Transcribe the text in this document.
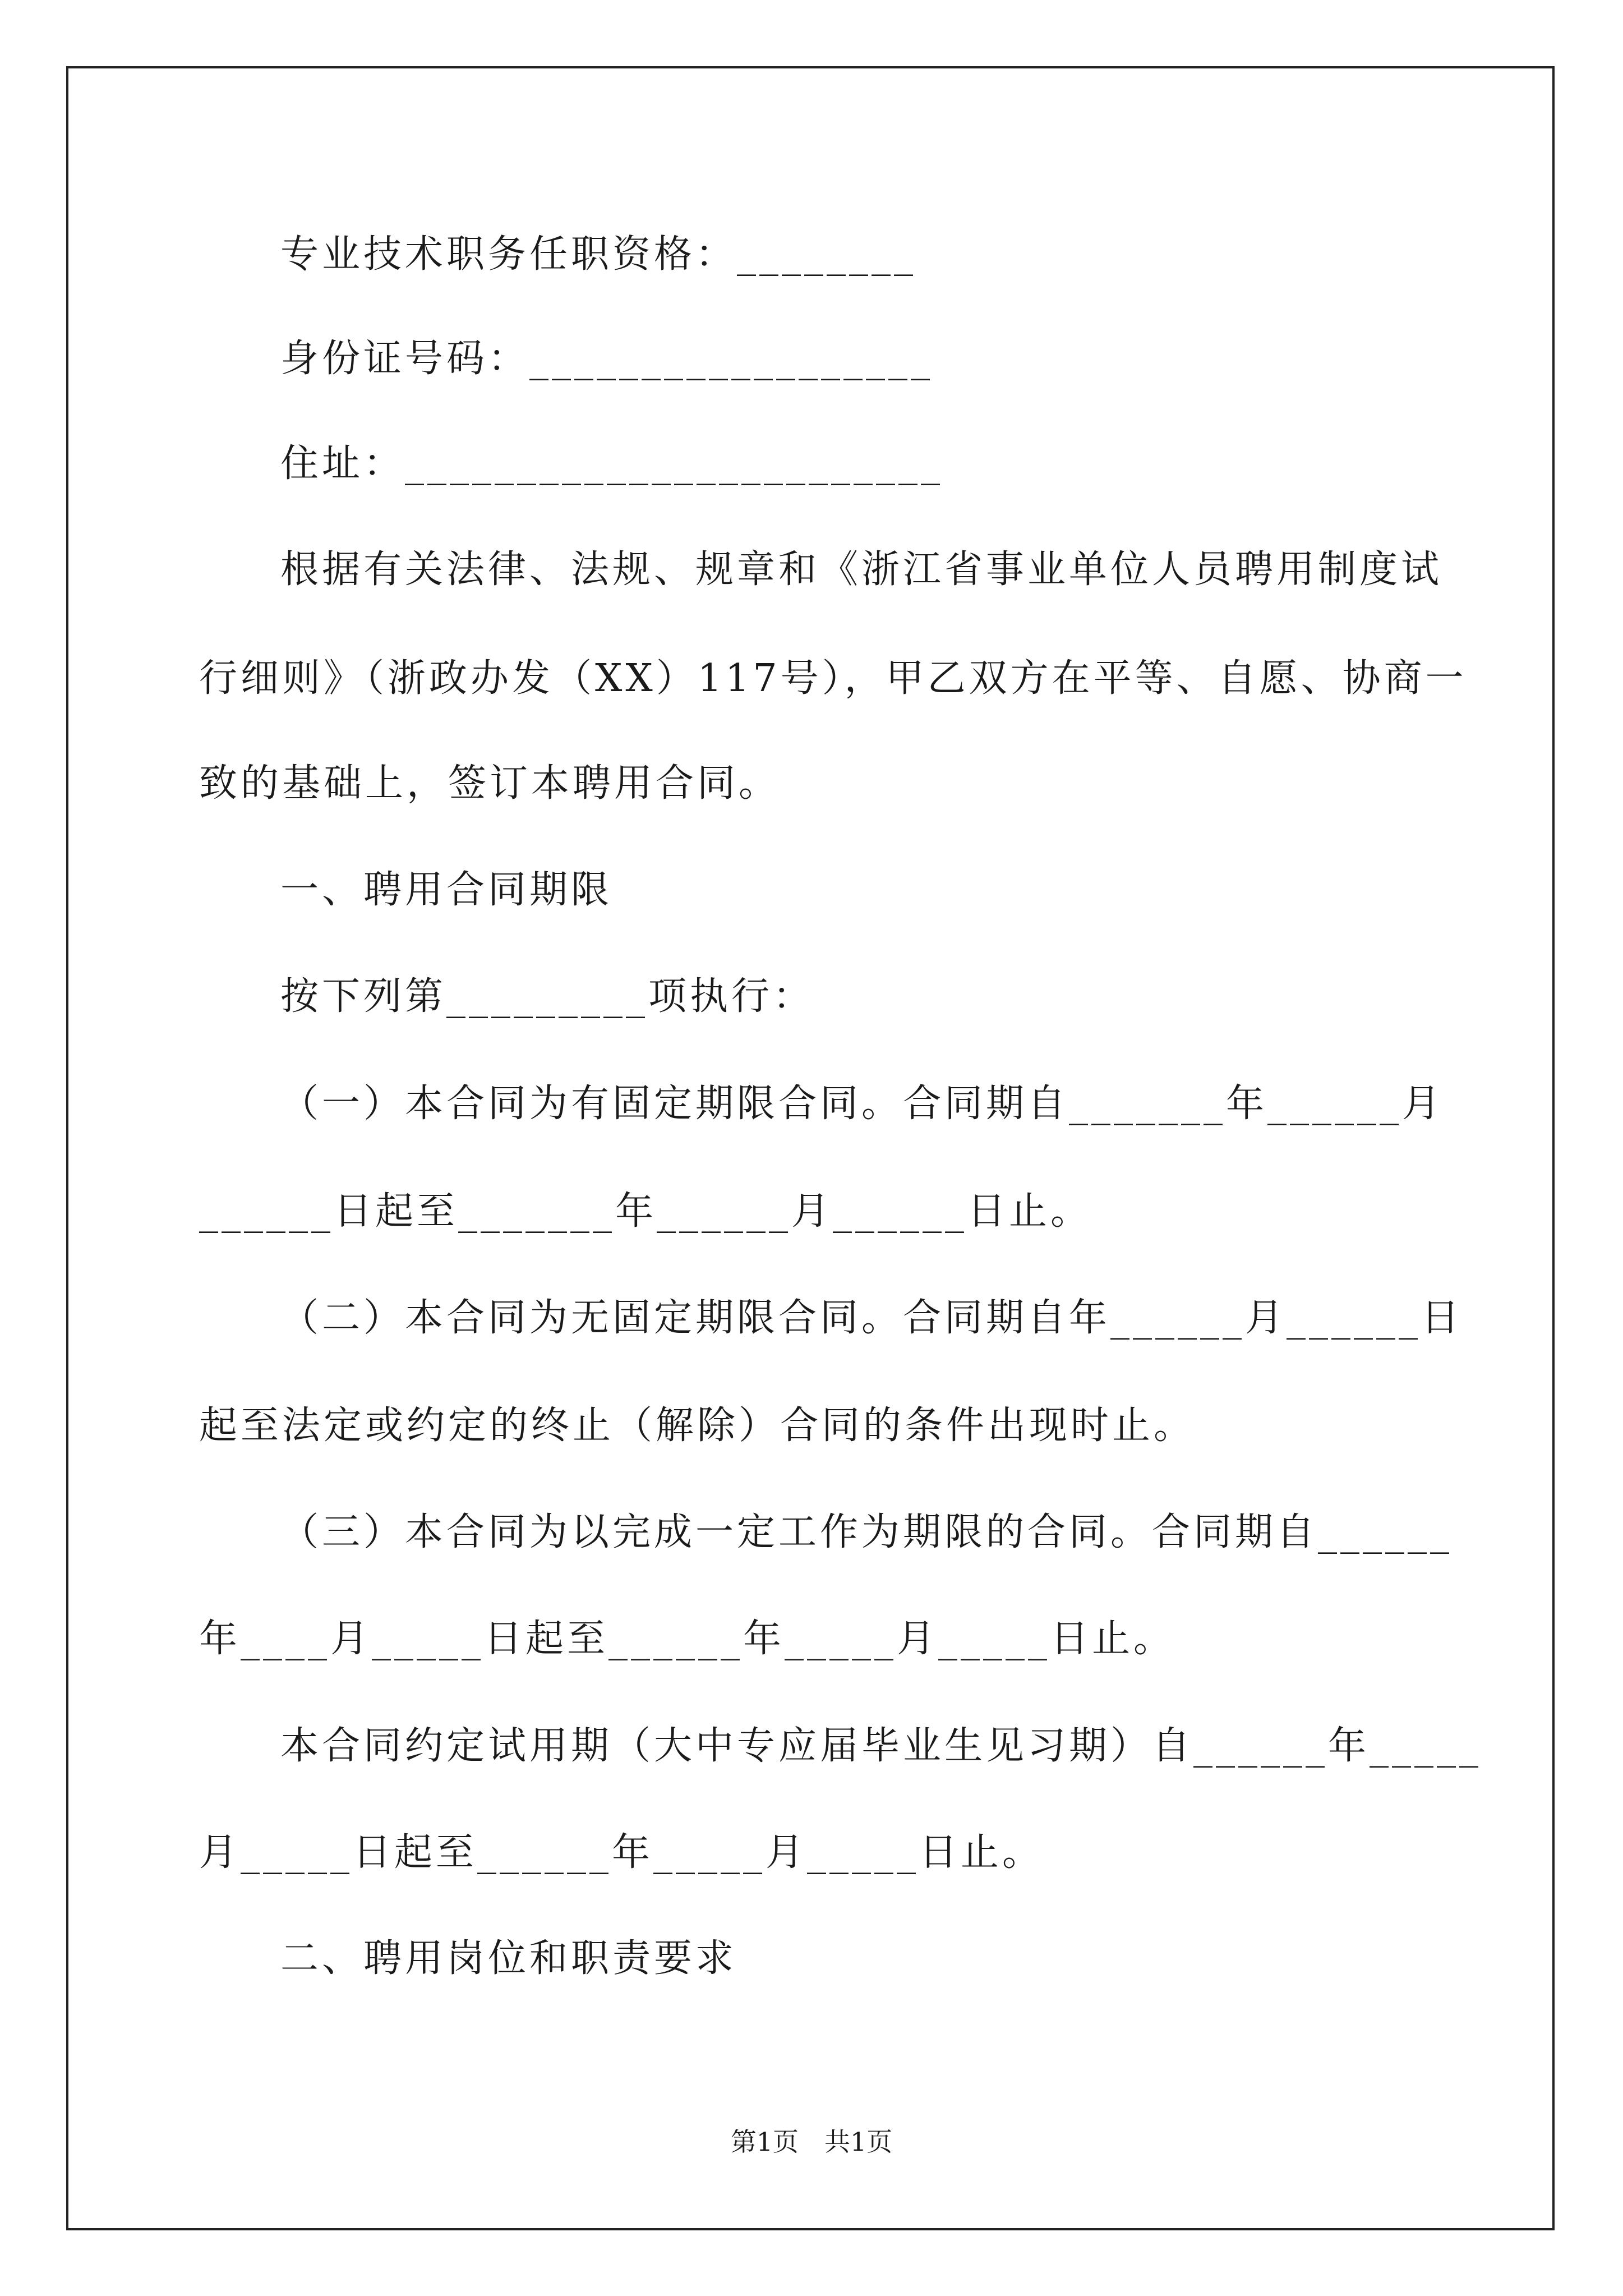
专业技术职务任职资格：________
身份证号码：__________________
住址：________________________
根据有关法律、法规、规章和《浙江省事业单位人员聘用制度试
行细则》（浙政办发（XX）117号），甲乙双方在平等、自愿、协商一
致的基础上，签订本聘用合同。
一、聘用合同期限
按下列第_________项执行：
（一）本合同为有固定期限合同。合同期自_______年______月
______日起至_______年______月______日止。
（二）本合同为无固定期限合同。合同期自年______月______日
起至法定或约定的终止（解除）合同的条件出现时止。
（三）本合同为以完成一定工作为期限的合同。合同期自______
年____月_____日起至______年_____月_____日止。
本合同约定试用期（大中专应届毕业生见习期）自______年_____
月_____日起至______年_____月_____日止。
二、聘用岗位和职责要求
第1页　共1页
